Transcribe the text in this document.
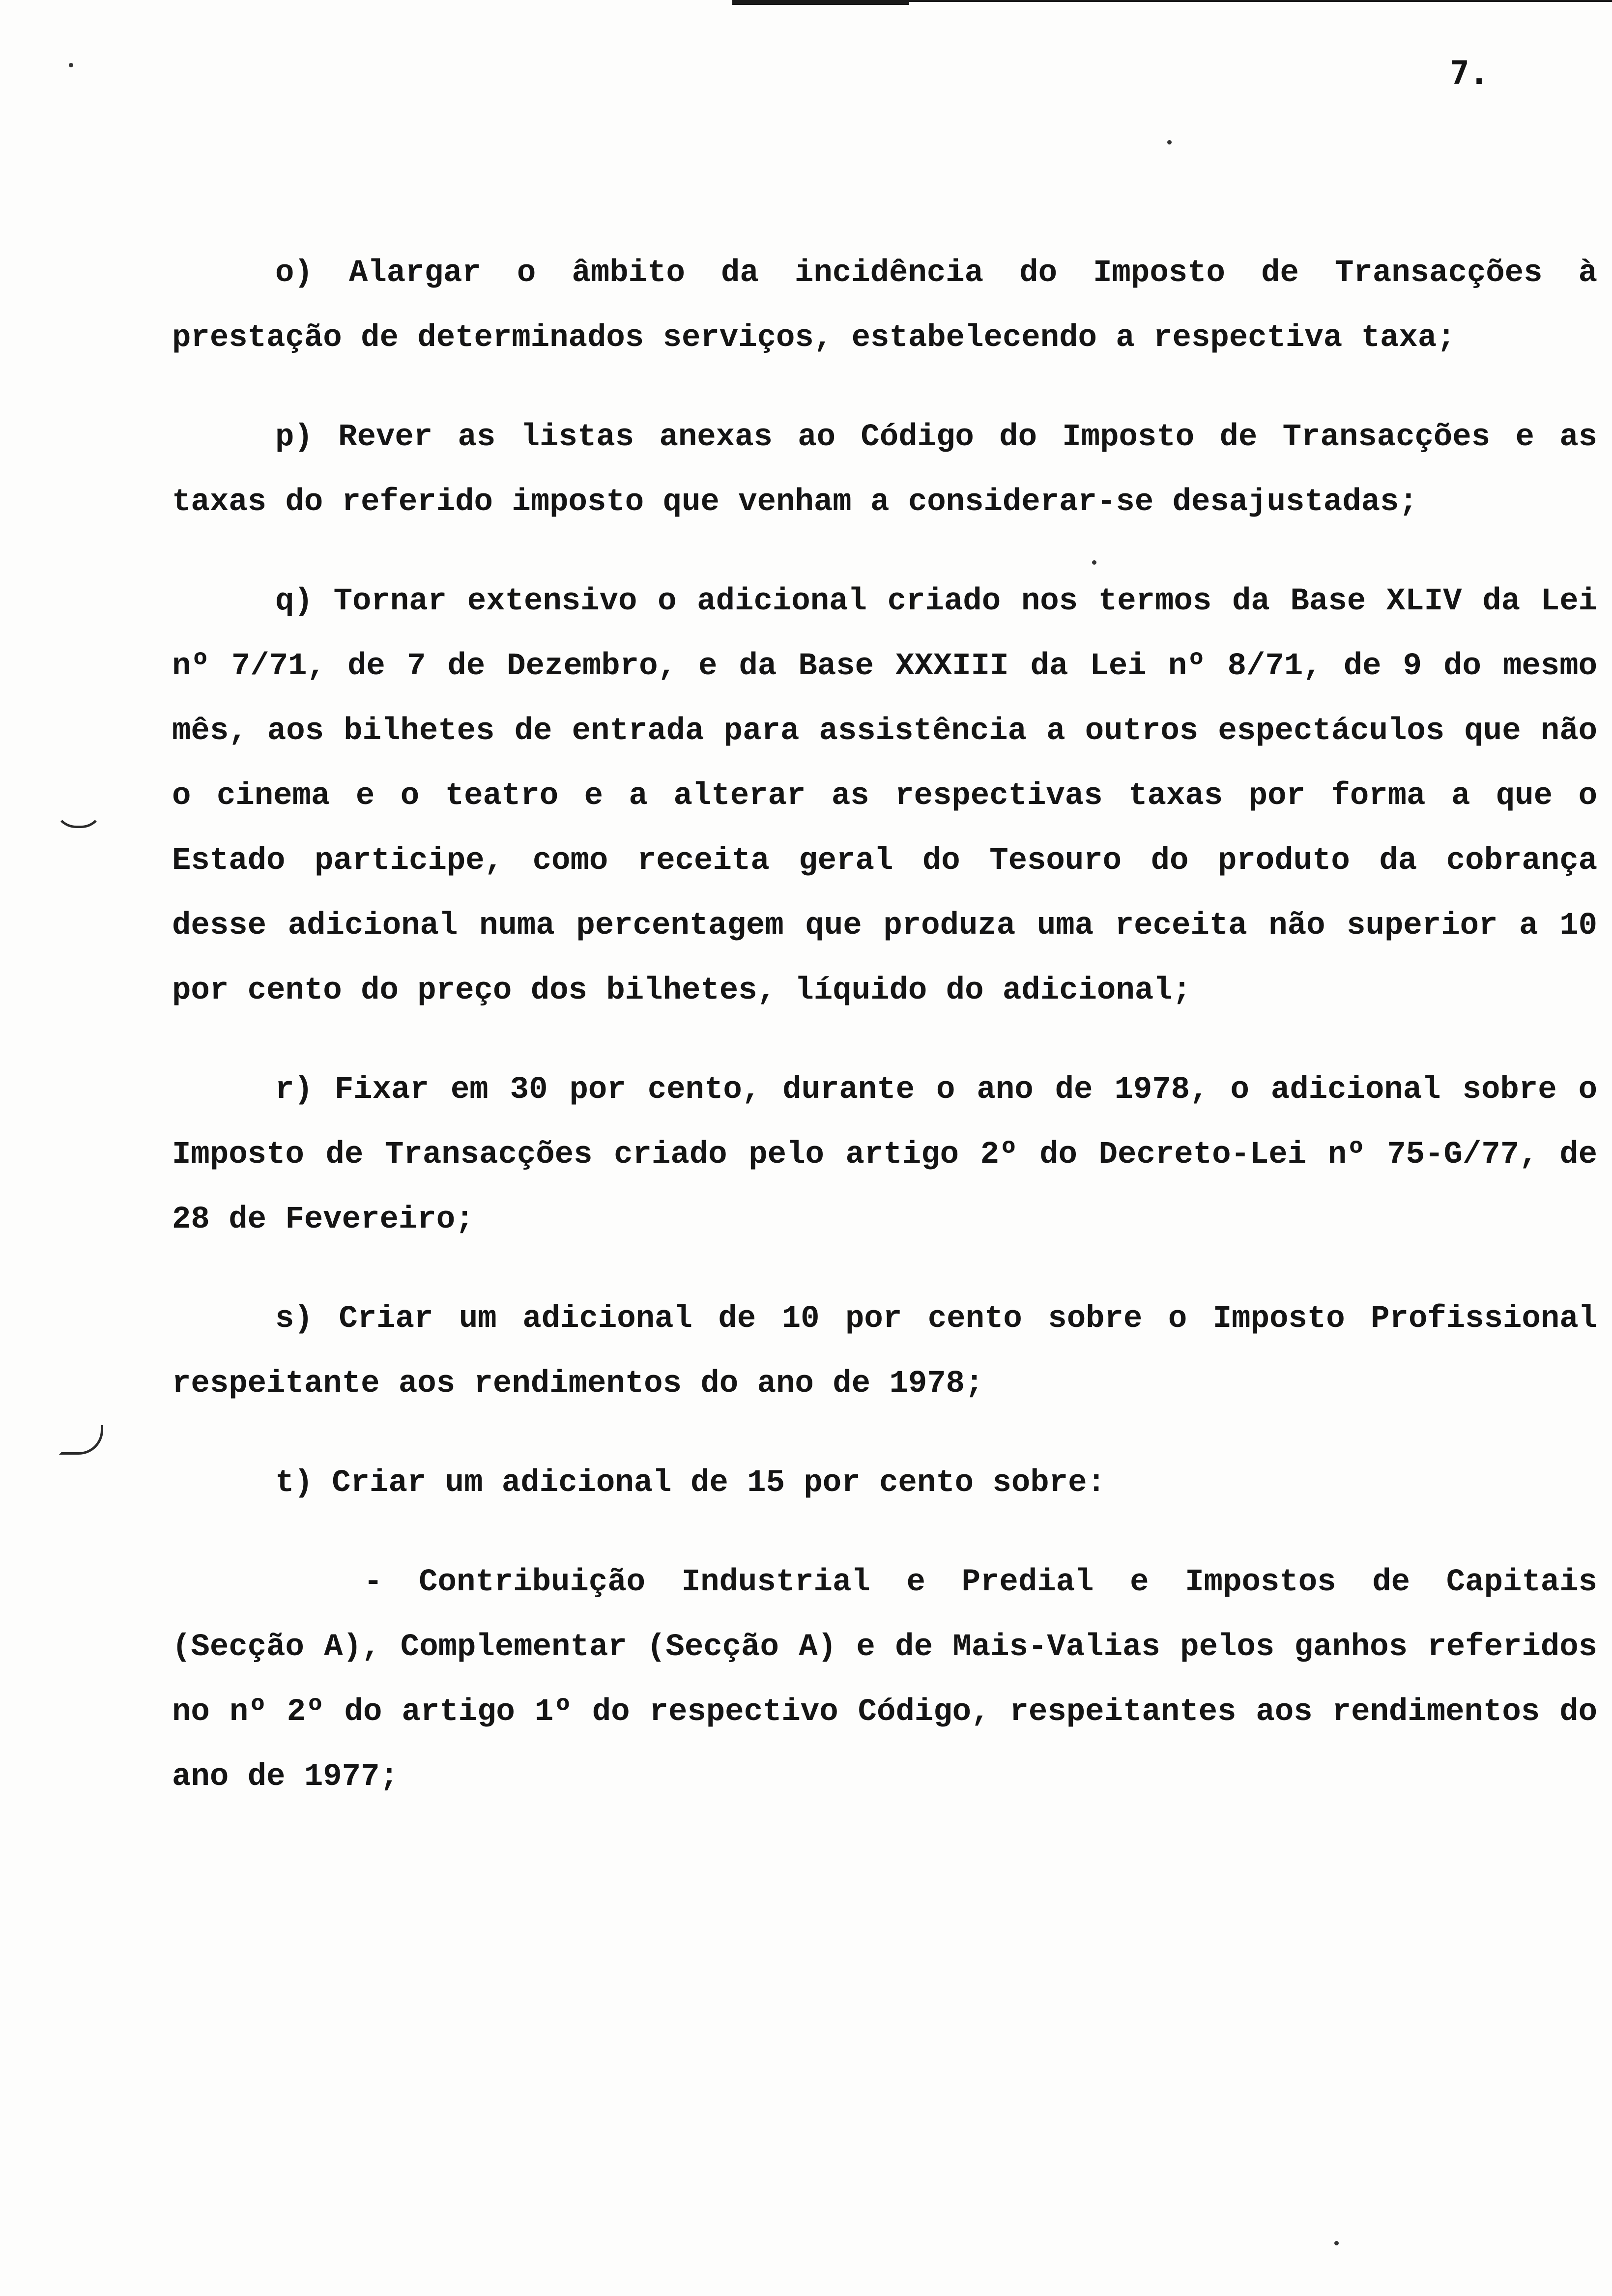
7.

o) Alargar o âmbito da incidência do Imposto de Transacções à prestação de determinados serviços, estabelecendo a respectiva taxa;

p) Rever as listas anexas ao Código do Imposto de Transacções e as taxas do referido imposto que venham a considerar-se desajustadas;

q) Tornar extensivo o adicional criado nos termos da Base XLIV da Lei nº 7/71, de 7 de Dezembro, e da Base XXXIII da Lei nº 8/71, de 9 do mesmo mês, aos bilhetes de entrada para assistência a outros espectáculos que não o cinema e o teatro e a alterar as respectivas taxas por forma a que o Estado participe, como receita geral do Tesouro do produto da cobrança desse adicional numa percentagem que produza uma receita não superior a 10 por cento do preço dos bilhetes, líquido do adicional;

r) Fixar em 30 por cento, durante o ano de 1978, o adicional sobre o Imposto de Transacções criado pelo artigo 2º do Decreto-Lei nº 75-G/77, de 28 de Fevereiro;

s) Criar um adicional de 10 por cento sobre o Imposto Profissional respeitante aos rendimentos do ano de 1978;

t) Criar um adicional de 15 por cento sobre:

- Contribuição Industrial e Predial e Impostos de Capitais (Secção A), Complementar (Secção A) e de Mais-Valias pelos ganhos referidos no nº 2º do artigo 1º do respectivo Código, respeitantes aos rendimentos do ano de 1977;
